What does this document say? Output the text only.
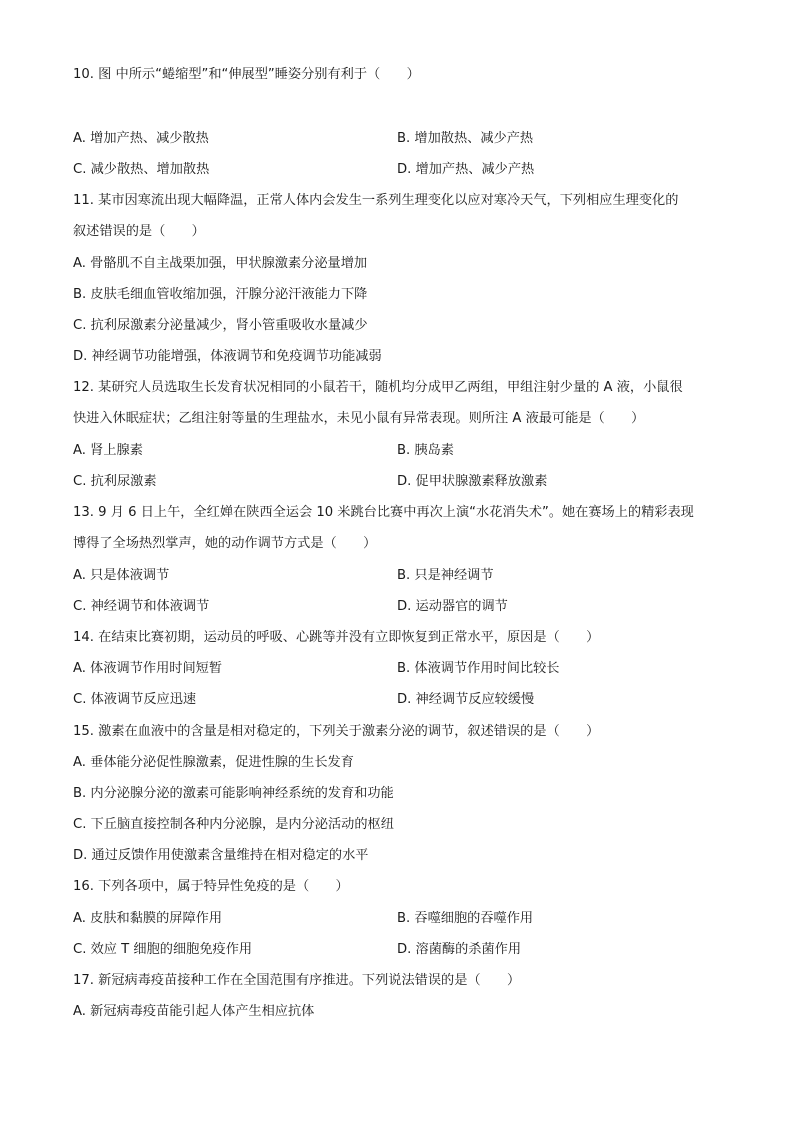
10. 图 中所示“蜷缩型”和“伸展型”睡姿分别有利于（　　）
A. 增加产热、减少散热	B. 增加散热、减少产热
C. 减少散热、增加散热	D. 增加产热、减少产热
11. 某市因寒流出现大幅降温，正常人体内会发生一系列生理变化以应对寒冷天气，下列相应生理变化的
叙述错误的是（　　）
A. 骨骼肌不自主战栗加强，甲状腺激素分泌量增加
B. 皮肤毛细血管收缩加强，汗腺分泌汗液能力下降
C. 抗利尿激素分泌量减少，肾小管重吸收水量减少
D. 神经调节功能增强，体液调节和免疫调节功能减弱
12. 某研究人员选取生长发育状况相同的小鼠若干，随机均分成甲乙两组，甲组注射少量的 A 液，小鼠很
快进入休眠症状；乙组注射等量的生理盐水，未见小鼠有异常表现。则所注 A 液最可能是（　　）
A. 肾上腺素	B. 胰岛素
C. 抗利尿激素	D. 促甲状腺激素释放激素
13. 9 月 6 日上午，全红婵在陕西全运会 10 米跳台比赛中再次上演“水花消失术”。她在赛场上的精彩表现
博得了全场热烈掌声，她的动作调节方式是（　　）
A. 只是体液调节	B. 只是神经调节
C. 神经调节和体液调节	D. 运动器官的调节
14. 在结束比赛初期，运动员的呼吸、心跳等并没有立即恢复到正常水平，原因是（　　）
A. 体液调节作用时间短暂	B. 体液调节作用时间比较长
C. 体液调节反应迅速	D. 神经调节反应较缓慢
15. 激素在血液中的含量是相对稳定的，下列关于激素分泌的调节，叙述错误的是（　　）
A. 垂体能分泌促性腺激素，促进性腺的生长发育
B. 内分泌腺分泌的激素可能影响神经系统的发育和功能
C. 下丘脑直接控制各种内分泌腺，是内分泌活动的枢纽
D. 通过反馈作用使激素含量维持在相对稳定的水平
16. 下列各项中，属于特异性免疫的是（　　）
A. 皮肤和黏膜的屏障作用	B. 吞噬细胞的吞噬作用
C. 效应 T 细胞的细胞免疫作用	D. 溶菌酶的杀菌作用
17. 新冠病毒疫苗接种工作在全国范围有序推进。下列说法错误的是（　　）
A. 新冠病毒疫苗能引起人体产生相应抗体
